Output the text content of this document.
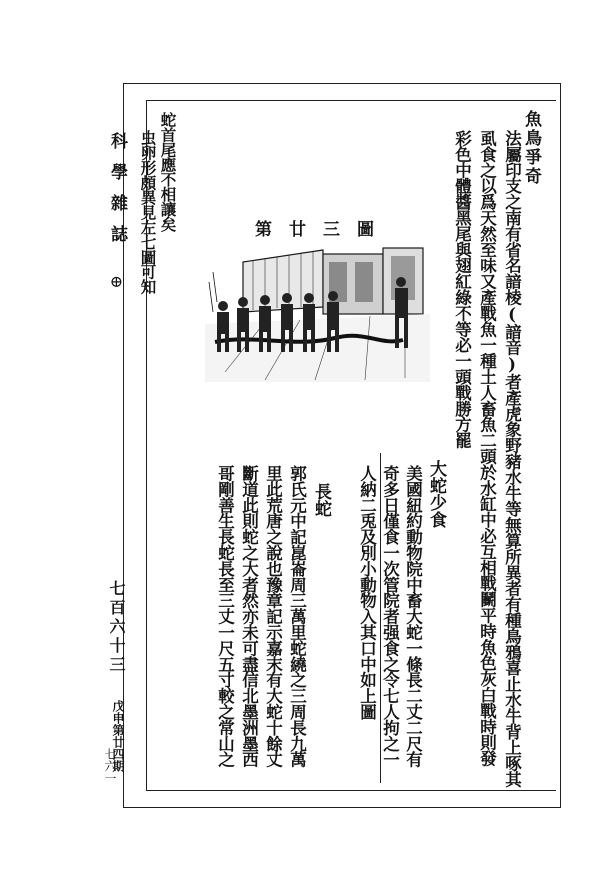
科學雜誌
⊕
七百六十三
戊申第廿四期
七六一
魚鳥爭奇
法屬印支之南有省名諳棱(諳音)者產虎象野豬水牛等無算所異者有種鳥鴉喜止水牛背上啄其
虱食之以爲天然至味又產戰魚一種土人畜魚二頭於水缸中必互相戰鬭平時魚色灰白戰時則發
彩色中體醬黑尾與翅紅綠不等必一頭戰勝方罷
大蛇少食
美國紐約動物院中畜大蛇一條長二丈二尺有
奇多日僅食一次管院者强食之令七人拘之一
人納二兎及別小動物入其口中如上圖
長蛇
郭氏元中記崑崙周三萬里蛇繞之三周長九萬
里此荒唐之說也豫章記示嘉末有大蛇十餘丈
斷道此則蛇之大者然亦未可盡信北墨洲墨西
哥剛善生長蛇長至三丈一尺五寸較之常山之
蛇首尾應不相讓矣
虫卵形頗異見左七圖可知	第廿三圖
